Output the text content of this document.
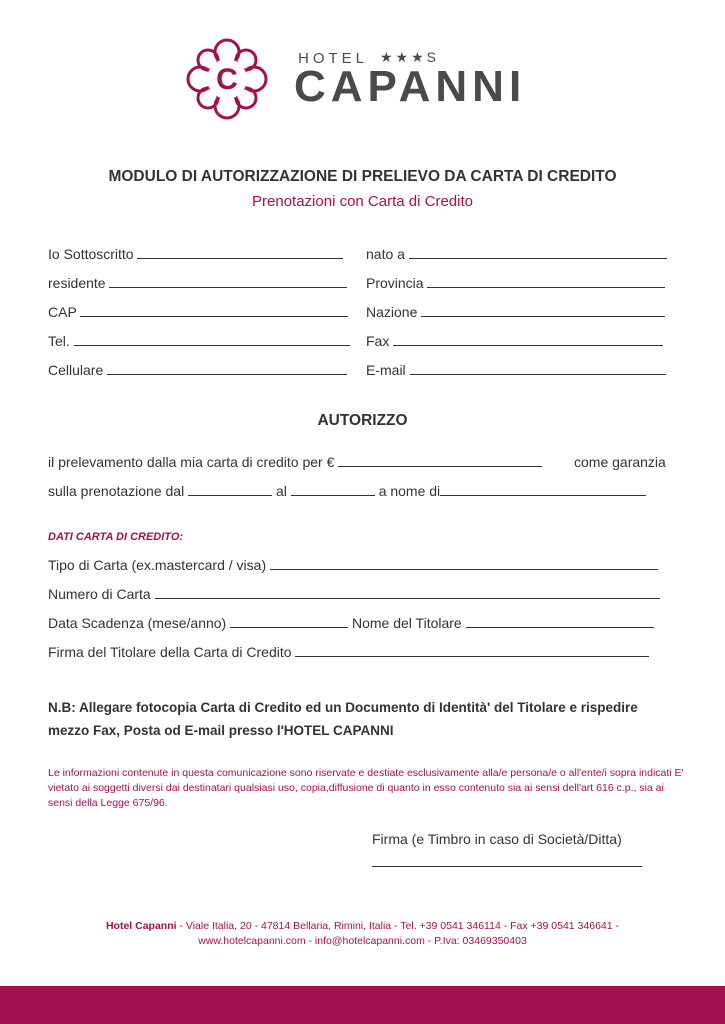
C
HOTEL ★★★S
CAPANNI
MODULO DI AUTORIZZAZIONE DI PRELIEVO DA CARTA DI CREDITO
Prenotazioni con Carta di Credito
Io Sottoscritto	nato a
residente	Provincia
CAP	Nazione
Tel.	Fax
Cellulare	E-mail
AUTORIZZO
il prelevamento dalla mia carta di credito per €	come garanzia
sulla prenotazione dal	al	a nome di
DATI CARTA DI CREDITO:
Tipo di Carta (ex.mastercard / visa)
Numero di Carta
Data Scadenza (mese/anno)	Nome del Titolare
Firma del Titolare della Carta di Credito
N.B: Allegare fotocopia Carta di Credito ed un Documento di Identità' del Titolare e rispedire mezzo Fax, Posta od E-mail presso l'HOTEL CAPANNI
Le informazioni contenute in questa comunicazione sono riservate e destiate esclusivamente alla/e persona/e o all'ente/i sopra indicati E' vietato ai soggetti diversi dai destinatari qualsiasi uso, copia,diffusione di quanto in esso contenuto sia ai sensi dell'art 616 c.p., sia ai sensi della Legge 675/96.
Firma (e Timbro in caso di Società/Ditta)
Hotel Capanni - Viale Italia, 20 - 47814 Bellaria, Rimini, Italia - Tel. +39 0541 346114 - Fax +39 0541 346641 -
www.hotelcapanni.com - info@hotelcapanni.com - P.Iva: 03469350403
